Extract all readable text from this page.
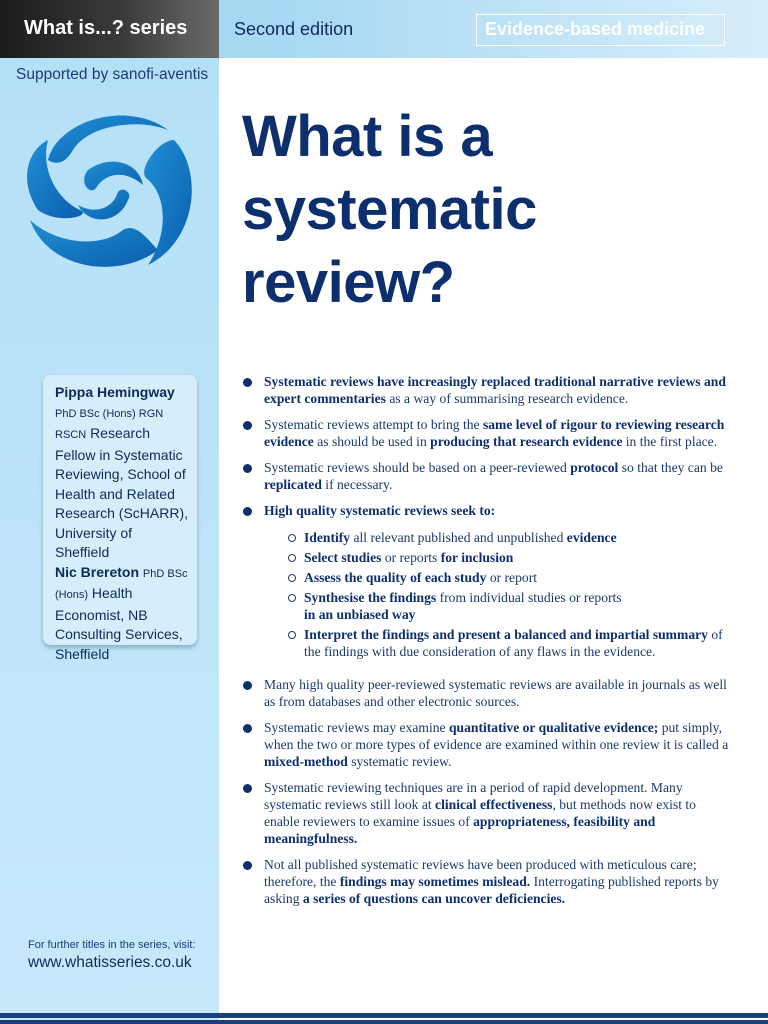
What is...? series	Second edition	Evidence-based medicine
Supported by sanofi-aventis
Pippa Hemingway
PhD BSc (Hons) RGN
RSCN Research Fellow in Systematic Reviewing, School of Health and Related Research (ScHARR), University of Sheffield
Nic Brereton PhD BSc
(Hons) Health Economist, NB Consulting Services, Sheffield
For further titles in the series, visit:
www.whatisseries.co.uk
What is a
systematic
review?
Systematic reviews have increasingly replaced traditional narrative reviews and expert commentaries as a way of summarising research evidence.
Systematic reviews attempt to bring the same level of rigour to reviewing research evidence as should be used in producing that research evidence in the first place.
Systematic reviews should be based on a peer-reviewed protocol so that they can be replicated if necessary.
High quality systematic reviews seek to:
Identify all relevant published and unpublished evidence
Select studies or reports for inclusion
Assess the quality of each study or report
Synthesise the findings from individual studies or reports
in an unbiased way
Interpret the findings and present a balanced and impartial summary of the findings with due consideration of any flaws in the evidence.
Many high quality peer-reviewed systematic reviews are available in journals as well as from databases and other electronic sources.
Systematic reviews may examine quantitative or qualitative evidence; put simply, when the two or more types of evidence are examined within one review it is called a mixed-method systematic review.
Systematic reviewing techniques are in a period of rapid development. Many systematic reviews still look at clinical effectiveness, but methods now exist to enable reviewers to examine issues of appropriateness, feasibility and meaningfulness.
Not all published systematic reviews have been produced with meticulous care; therefore, the findings may sometimes mislead. Interrogating published reports by asking a series of questions can uncover deficiencies.
